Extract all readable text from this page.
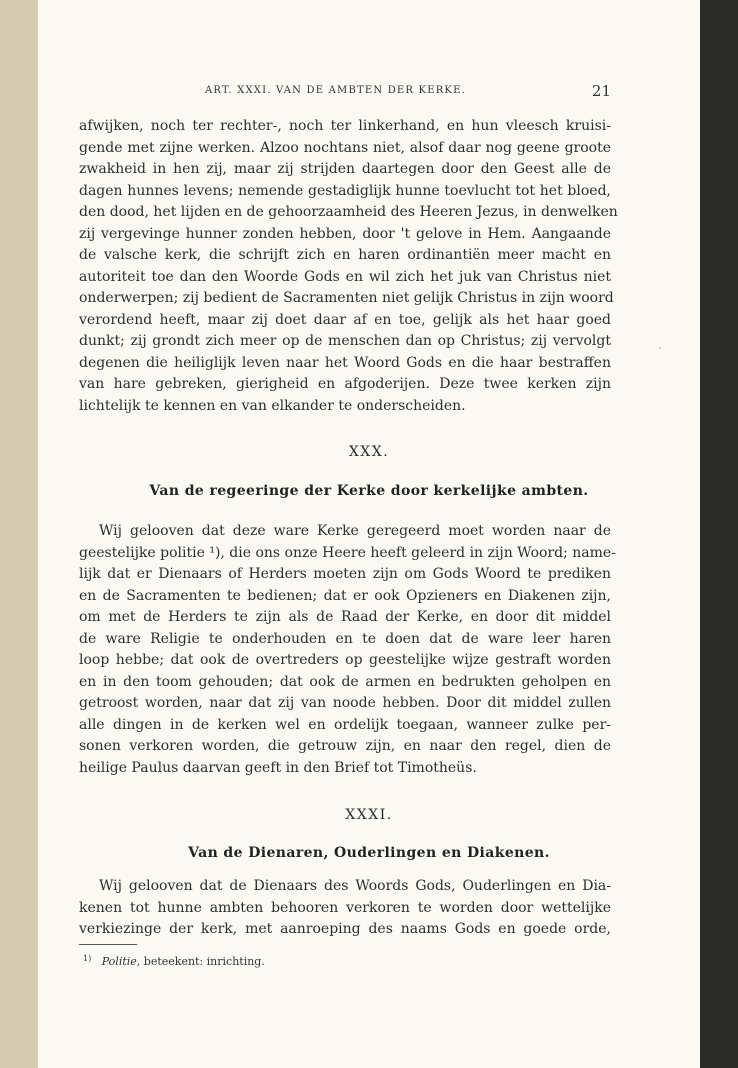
ART. XXXI. VAN DE AMBTEN DER KERKE.	21
afwijken, noch ter rechter-, noch ter linkerhand, en hun vleesch kruisi-
gende met zijne werken. Alzoo nochtans niet, alsof daar nog geene groote
zwakheid in hen zij, maar zij strijden daartegen door den Geest alle de
dagen hunnes levens; nemende gestadiglijk hunne toevlucht tot het bloed,
den dood, het lijden en de gehoorzaamheid des Heeren Jezus, in denwelken
zij vergevinge hunner zonden hebben, door 't gelove in Hem. Aangaande
de valsche kerk, die schrijft zich en haren ordinantiën meer macht en
autoriteit toe dan den Woorde Gods en wil zich het juk van Christus niet
onderwerpen; zij bedient de Sacramenten niet gelijk Christus in zijn woord
verordend heeft, maar zij doet daar af en toe, gelijk als het haar goed
dunkt; zij grondt zich meer op de menschen dan op Christus; zij vervolgt
degenen die heiliglijk leven naar het Woord Gods en die haar bestraffen
van hare gebreken, gierigheid en afgoderijen. Deze twee kerken zijn
lichtelijk te kennen en van elkander te onderscheiden.
XXX.
Van de regeeringe der Kerke door kerkelijke ambten.
Wij gelooven dat deze ware Kerke geregeerd moet worden naar de
geestelijke politie ¹), die ons onze Heere heeft geleerd in zijn Woord; name-
lijk dat er Dienaars of Herders moeten zijn om Gods Woord te prediken
en de Sacramenten te bedienen; dat er ook Opzieners en Diakenen zijn,
om met de Herders te zijn als de Raad der Kerke, en door dit middel
de ware Religie te onderhouden en te doen dat de ware leer haren
loop hebbe; dat ook de overtreders op geestelijke wijze gestraft worden
en in den toom gehouden; dat ook de armen en bedrukten geholpen en
getroost worden, naar dat zij van noode hebben. Door dit middel zullen
alle dingen in de kerken wel en ordelijk toegaan, wanneer zulke per-
sonen verkoren worden, die getrouw zijn, en naar den regel, dien de
heilige Paulus daarvan geeft in den Brief tot Timotheüs.
XXXI.
Van de Dienaren, Ouderlingen en Diakenen.
Wij gelooven dat de Dienaars des Woords Gods, Ouderlingen en Dia-
kenen tot hunne ambten behooren verkoren te worden door wettelijke
verkiezinge der kerk, met aanroeping des naams Gods en goede orde,
$^{1)}$ Politie, beteekent: inrichting.
